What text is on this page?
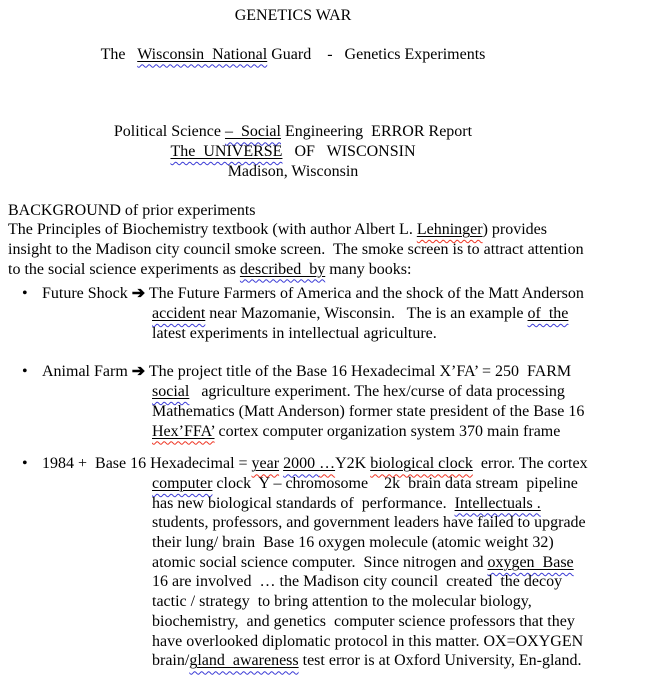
GENETICS WAR
The   Wisconsin  National Guard    -   Genetics Experiments
Political Science –  Social Engineering  ERROR Report
The  UNIVERSE   OF   WISCONSIN
Madison, Wisconsin
BACKGROUND of prior experiments
The Principles of Biochemistry textbook (with author Albert L. Lehninger) provides
insight to the Madison city council smoke screen.  The smoke screen is to attract attention
to the social science experiments as described  by many books:
• Future Shock ➔ The Future Farmers of America and the shock of the Matt Anderson
accident near Mazomanie, Wisconsin.   The is an example of  the
latest experiments in intellectual agriculture.
• Animal Farm ➔ The project title of the Base 16 Hexadecimal X’FA’ = 250  FARM
social   agriculture experiment. The hex/curse of data processing
Mathematics (Matt Anderson) former state president of the Base 16
Hex’FFA’ cortex computer organization system 370 main frame
• 1984 +  Base 16 Hexadecimal = year 2000 …Y2K biological clock  error. The cortex
computer clock  Y – chromosome    2k  brain data stream  pipeline
has new biological standards of  performance.  Intellectuals .
students, professors, and government leaders have failed to upgrade
their lung/ brain  Base 16 oxygen molecule (atomic weight 32)
atomic social science computer.  Since nitrogen and oxygen  Base
16 are involved  … the Madison city council  created  the decoy
tactic / strategy  to bring attention to the molecular biology,
biochemistry,  and genetics  computer science professors that they
have overlooked diplomatic protocol in this matter. OX=OXYGEN
brain/gland  awareness test error is at Oxford University, En-gland.
